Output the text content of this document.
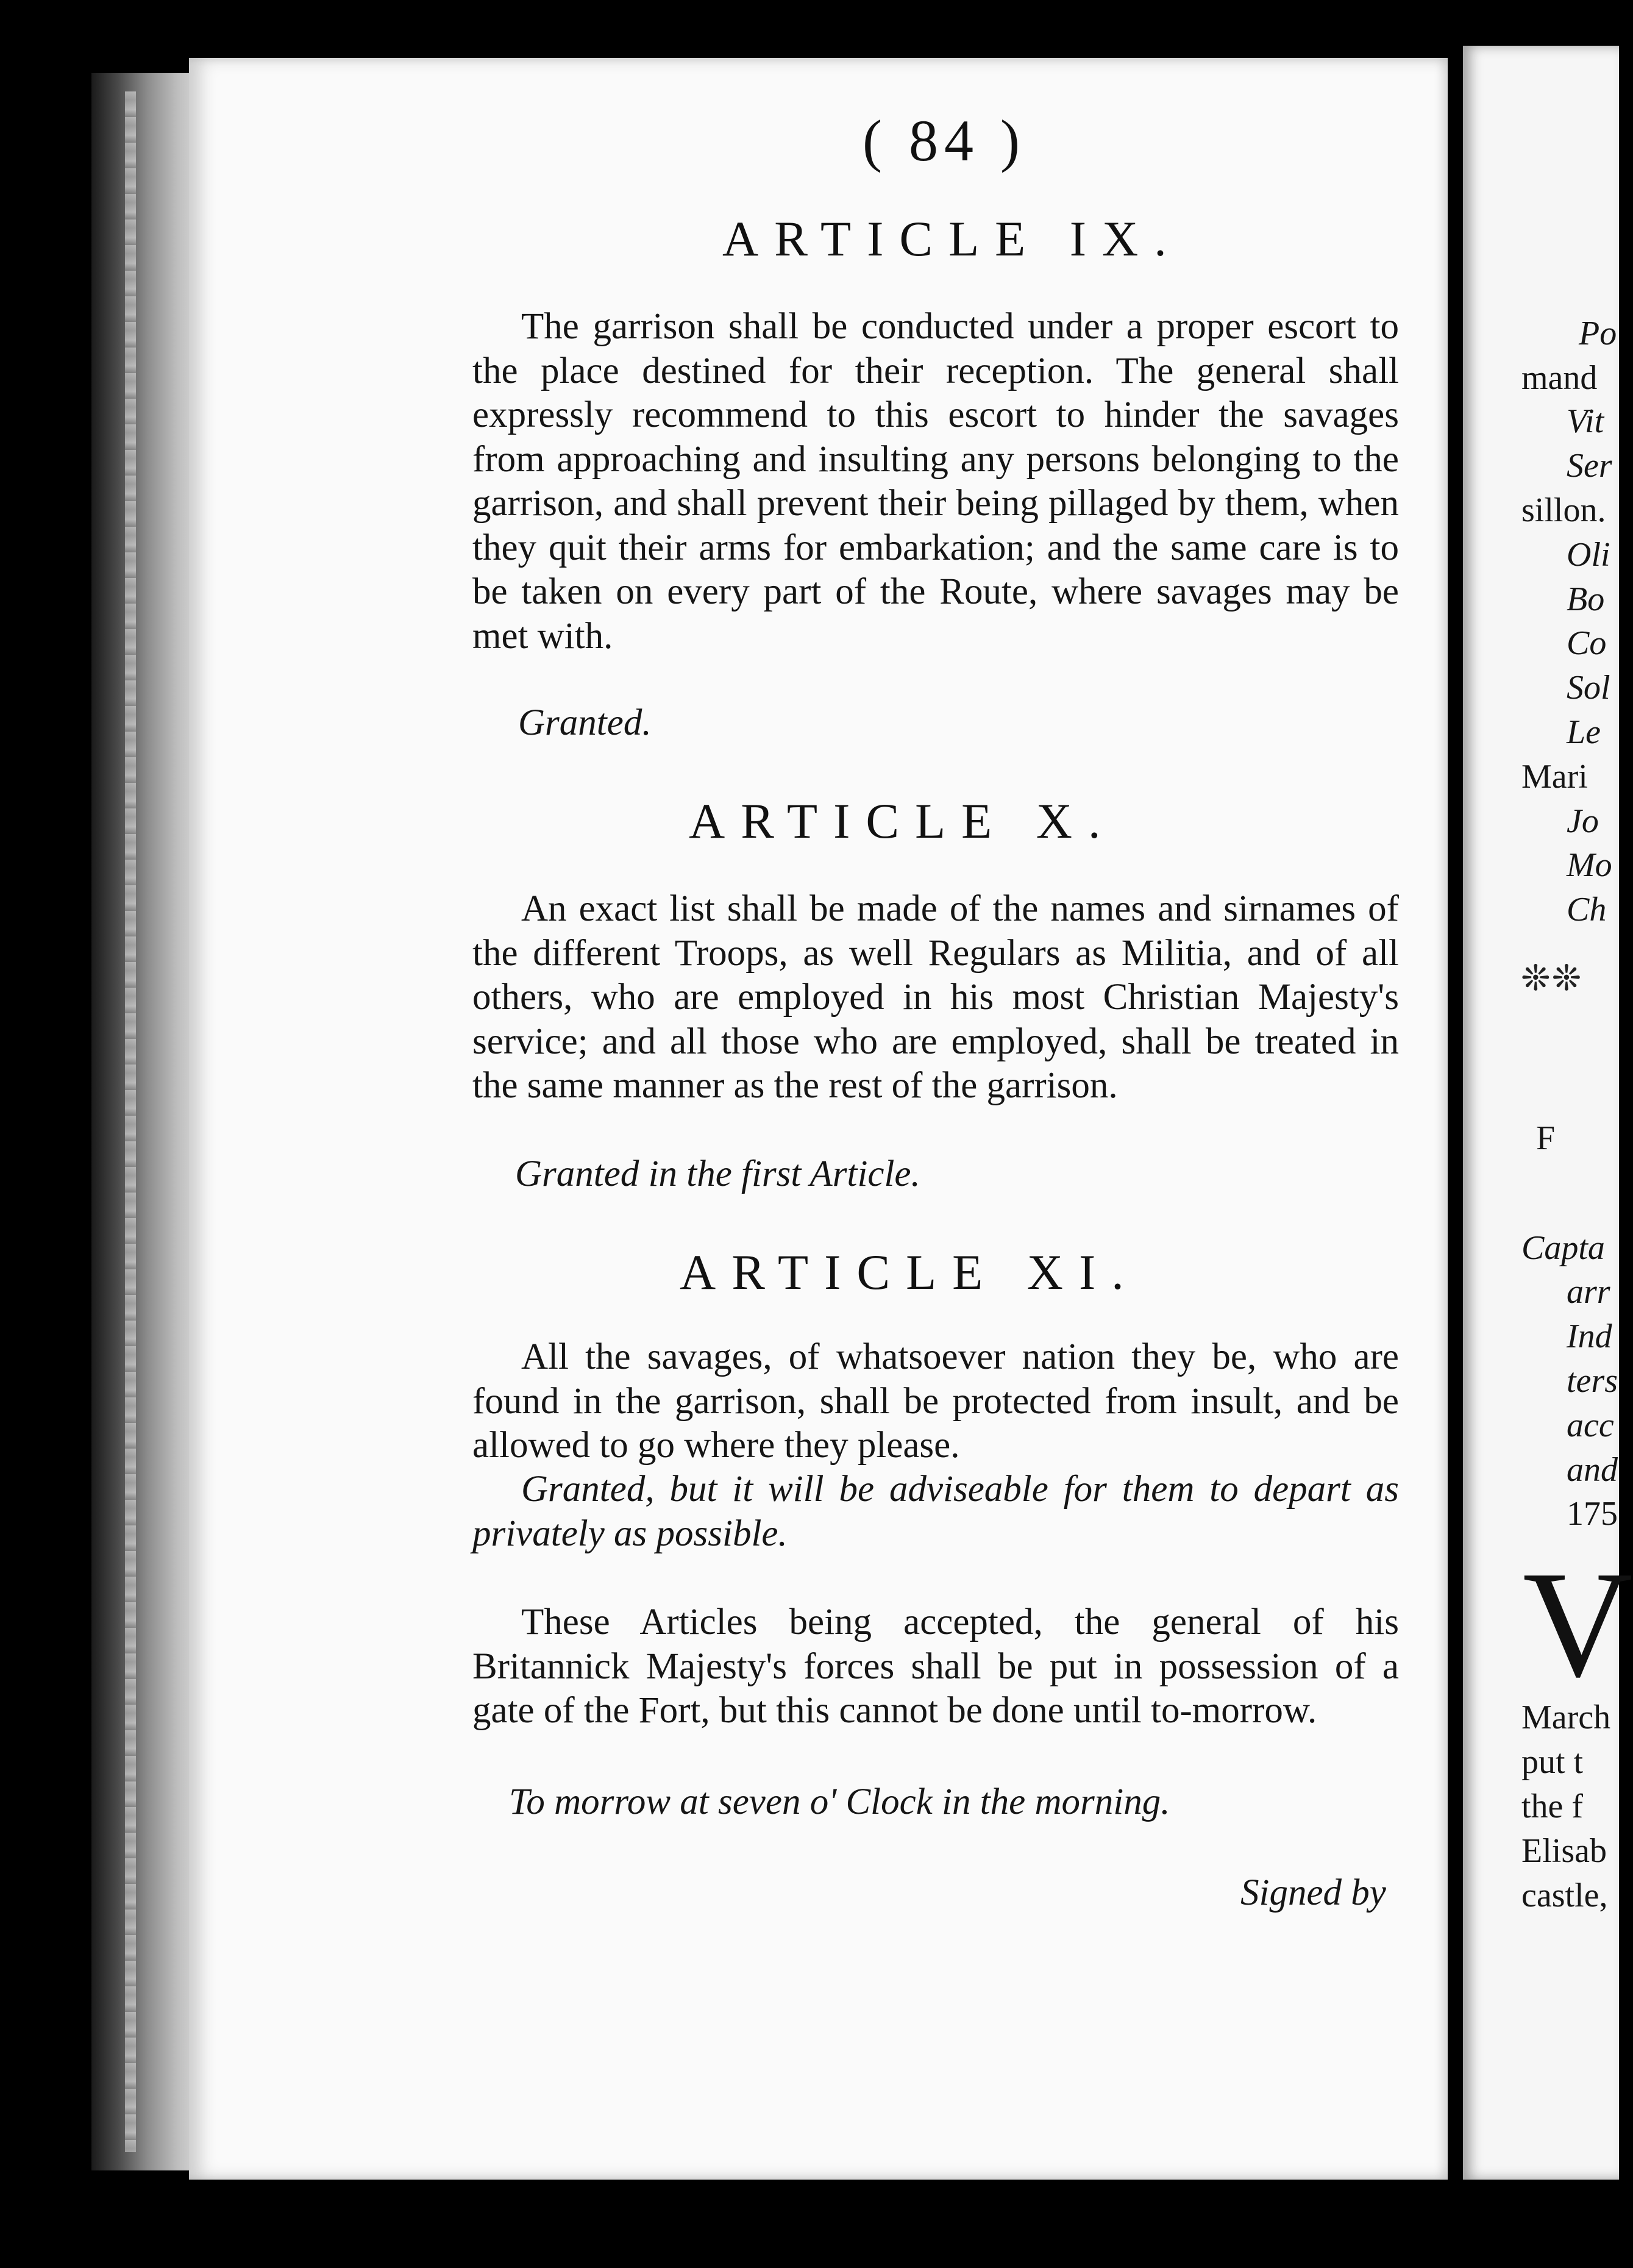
( 84 )
ARTICLE IX.
The garrison shall be conducted under a proper escort to the place destined for their reception. The general shall expressly recommend to this escort to hinder the savages from approaching and insulting any persons belonging to the garrison, and shall prevent their being pillaged by them, when they quit their arms for embarkation; and the same care is to be taken on every part of the Route, where savages may be met with.
Granted.
ARTICLE X.
An exact list shall be made of the names and sirnames of the different Troops, as well Regulars as Militia, and of all others, who are employed in his most Christian Majesty's service; and all those who are employed, shall be treated in the same manner as the rest of the garrison.
Granted in the first Article.
ARTICLE XI.
All the savages, of whatsoever nation they be, who are found in the garrison, shall be protected from insult, and be allowed to go where they please.
Granted, but it will be adviseable for them to depart as privately as possible.
These Articles being accepted, the general of his Britannick Majesty's forces shall be put in possession of a gate of the Fort, but this cannot be done until to-morrow.
To morrow at seven o' Clock in the morning.
Signed by
Po
mand
Vit
Ser
sillon.
Oli
Bo
Co
Sol
Le
Mari
Jo
Mo
Ch
F
Capta
arr
Ind
ters
acc
and
175
March
put t
the f
Elisab
castle,
❊❊
V
